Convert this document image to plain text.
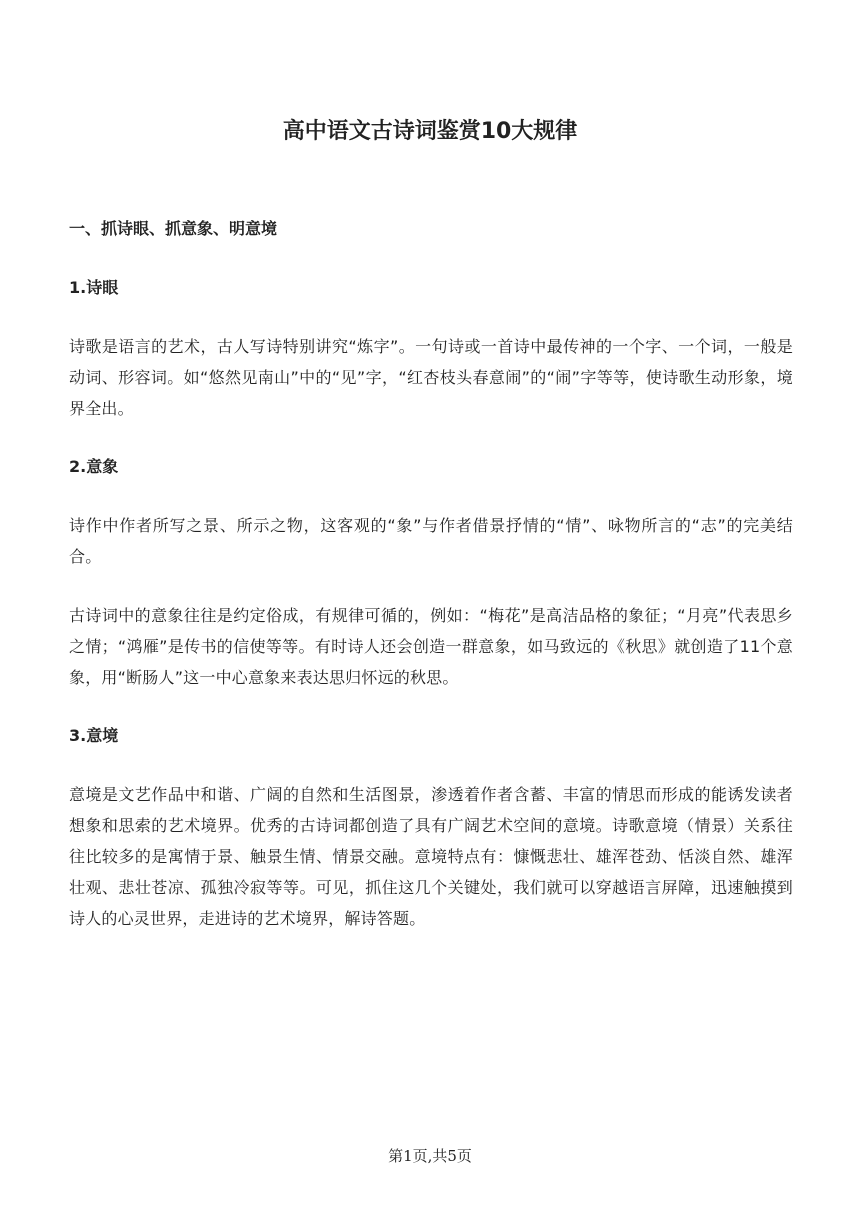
高中语文古诗词鉴赏10大规律
一、抓诗眼、抓意象、明意境
1.诗眼
诗歌是语言的艺术，古人写诗特别讲究“炼字”。一句诗或一首诗中最传神的一个字、一个词，一般是动词、形容词。如“悠然见南山”中的“见”字，“红杏枝头春意闹”的“闹”字等等，使诗歌生动形象，境界全出。
2.意象
诗作中作者所写之景、所示之物，这客观的“象”与作者借景抒情的“情”、咏物所言的“志”的完美结合。
古诗词中的意象往往是约定俗成，有规律可循的，例如：“梅花”是高洁品格的象征；“月亮”代表思乡之情；“鸿雁”是传书的信使等等。有时诗人还会创造一群意象，如马致远的《秋思》就创造了11个意象，用“断肠人”这一中心意象来表达思归怀远的秋思。
3.意境
意境是文艺作品中和谐、广阔的自然和生活图景，渗透着作者含蓄、丰富的情思而形成的能诱发读者想象和思索的艺术境界。优秀的古诗词都创造了具有广阔艺术空间的意境。诗歌意境（情景）关系往往比较多的是寓情于景、触景生情、情景交融。意境特点有：慷慨悲壮、雄浑苍劲、恬淡自然、雄浑壮观、悲壮苍凉、孤独冷寂等等。可见，抓住这几个关键处，我们就可以穿越语言屏障，迅速触摸到诗人的心灵世界，走进诗的艺术境界，解诗答题。
第1页,共5页
